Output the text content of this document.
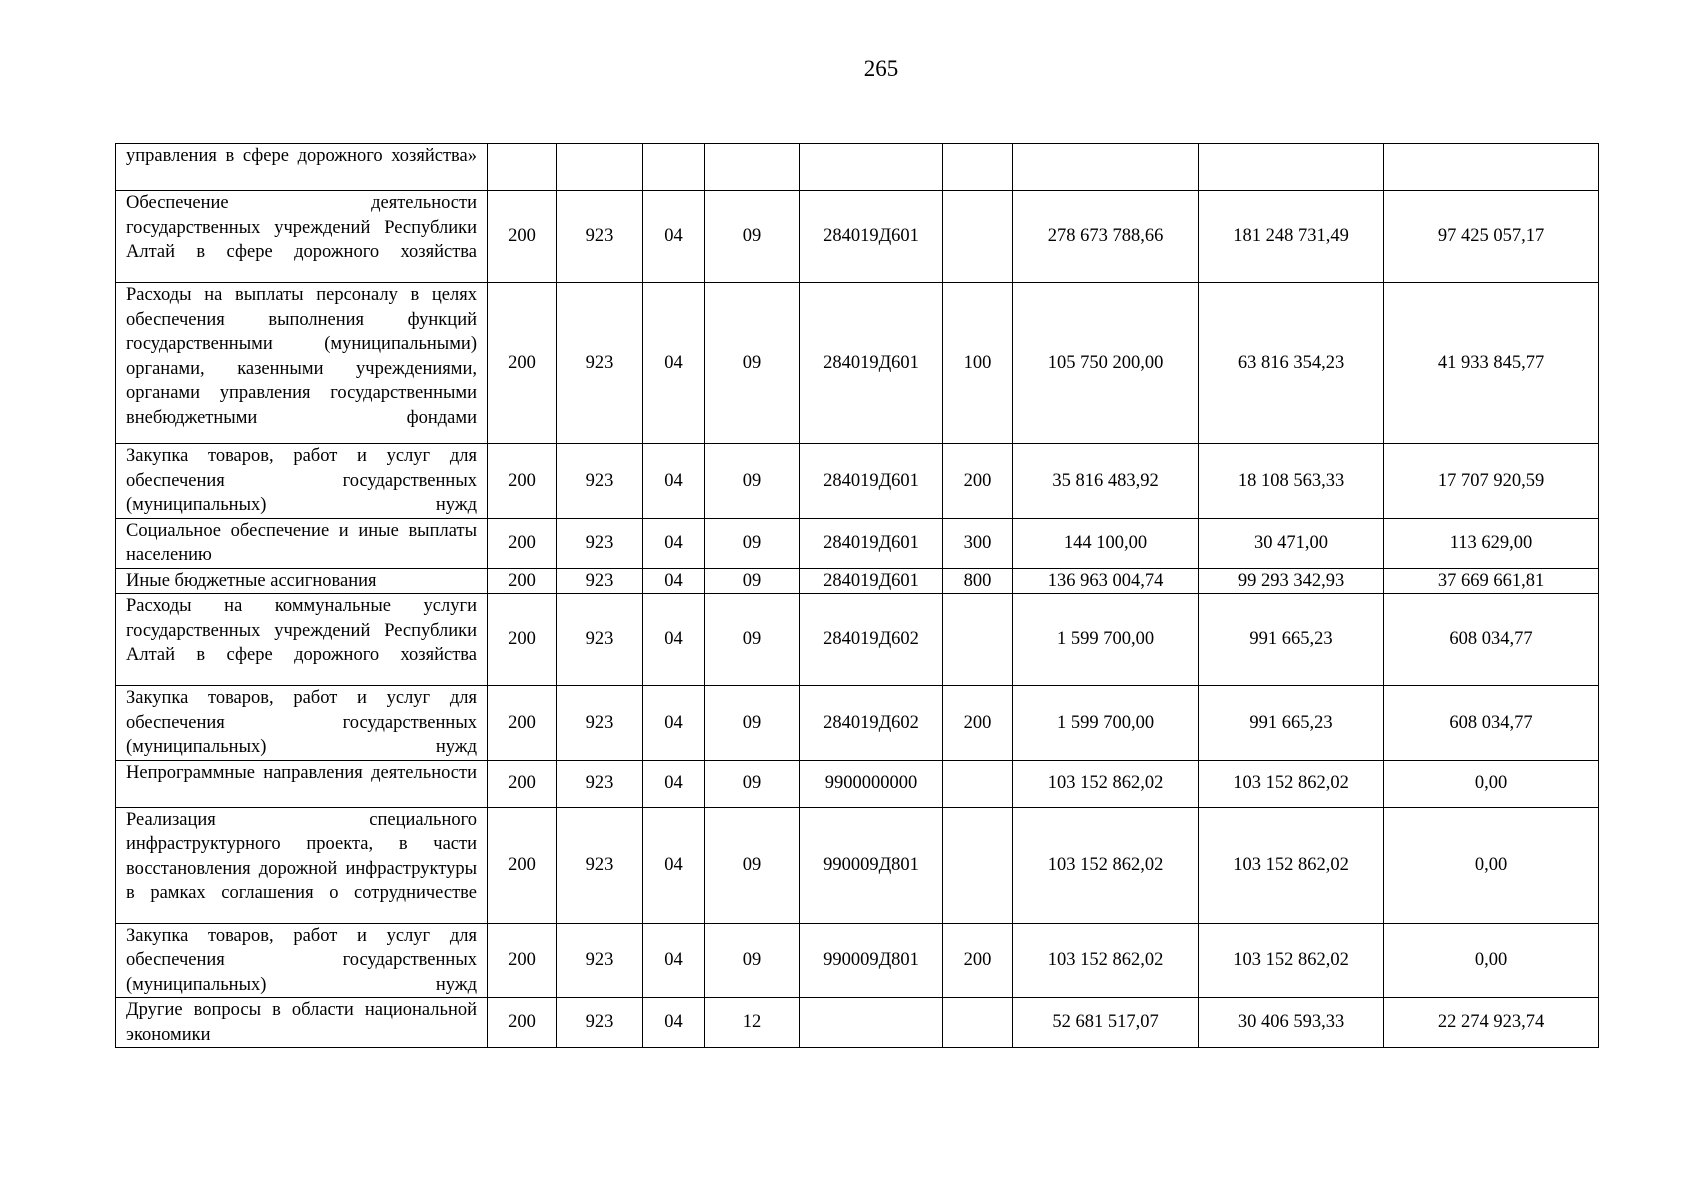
265
управления в сфере дорожного хозяйства»									
Обеспечение деятельности государственных учреждений Республики Алтай в сфере дорожного хозяйства	200	923	04	09	284019Д601		278 673 788,66	181 248 731,49	97 425 057,17
Расходы на выплаты персоналу в целях обеспечения выполнения функций государственными (муниципальными) органами, казенными учреждениями, органами управления государственными внебюджетными фондами	200	923	04	09	284019Д601	100	105 750 200,00	63 816 354,23	41 933 845,77
Закупка товаров, работ и услуг для обеспечения государственных (муниципальных) нужд	200	923	04	09	284019Д601	200	35 816 483,92	18 108 563,33	17 707 920,59
Социальное обеспечение и иные выплаты населению	200	923	04	09	284019Д601	300	144 100,00	30 471,00	113 629,00
Иные бюджетные ассигнования	200	923	04	09	284019Д601	800	136 963 004,74	99 293 342,93	37 669 661,81
Расходы на коммунальные услуги государственных учреждений Республики Алтай в сфере дорожного хозяйства	200	923	04	09	284019Д602		1 599 700,00	991 665,23	608 034,77
Закупка товаров, работ и услуг для обеспечения государственных (муниципальных) нужд	200	923	04	09	284019Д602	200	1 599 700,00	991 665,23	608 034,77
Непрограммные направления деятельности	200	923	04	09	9900000000		103 152 862,02	103 152 862,02	0,00
Реализация специального инфраструктурного проекта, в части восстановления дорожной инфраструктуры в рамках соглашения о сотрудничестве	200	923	04	09	990009Д801		103 152 862,02	103 152 862,02	0,00
Закупка товаров, работ и услуг для обеспечения государственных (муниципальных) нужд	200	923	04	09	990009Д801	200	103 152 862,02	103 152 862,02	0,00
Другие вопросы в области национальной экономики	200	923	04	12			52 681 517,07	30 406 593,33	22 274 923,74
